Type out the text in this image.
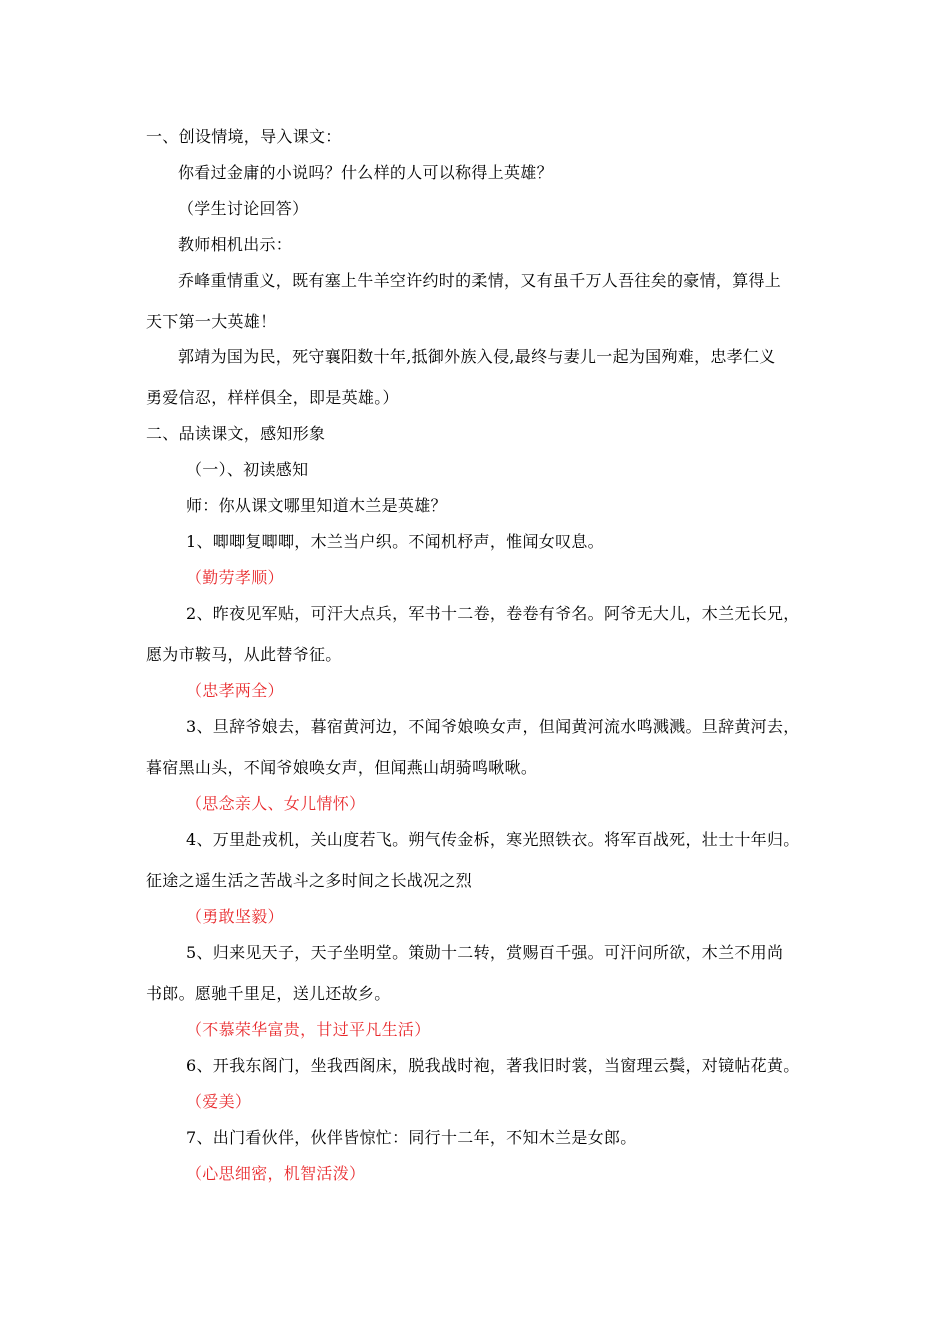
一、创设情境，导入课文：
你看过金庸的小说吗？什么样的人可以称得上英雄？
（学生讨论回答）
教师相机出示：
乔峰重情重义，既有塞上牛羊空许约时的柔情，又有虽千万人吾往矣的豪情，算得上
天下第一大英雄！
郭靖为国为民，死守襄阳数十年,抵御外族入侵,最终与妻儿一起为国殉难，忠孝仁义
勇爱信忍，样样俱全，即是英雄。）
二、品读课文，感知形象
（一）、初读感知
师：你从课文哪里知道木兰是英雄？
1、唧唧复唧唧，木兰当户织。不闻机杼声，惟闻女叹息。
（勤劳孝顺）
2、昨夜见军贴，可汗大点兵，军书十二卷，卷卷有爷名。阿爷无大儿，木兰无长兄，
愿为市鞍马，从此替爷征。
（忠孝两全）
3、旦辞爷娘去，暮宿黄河边，不闻爷娘唤女声，但闻黄河流水鸣溅溅。旦辞黄河去，
暮宿黑山头，不闻爷娘唤女声，但闻燕山胡骑鸣啾啾。
（思念亲人、女儿情怀）
4、万里赴戎机，关山度若飞。朔气传金柝，寒光照铁衣。将军百战死，壮士十年归。
征途之遥生活之苦战斗之多时间之长战况之烈
（勇敢坚毅）
5、归来见天子，天子坐明堂。策勋十二转，赏赐百千强。可汗问所欲，木兰不用尚
书郎。愿驰千里足，送儿还故乡。
（不慕荣华富贵，甘过平凡生活）
6、开我东阁门，坐我西阁床，脱我战时袍，著我旧时裳，当窗理云鬓，对镜帖花黄。
（爱美）
7、出门看伙伴，伙伴皆惊忙：同行十二年，不知木兰是女郎。
（心思细密，机智活泼）
